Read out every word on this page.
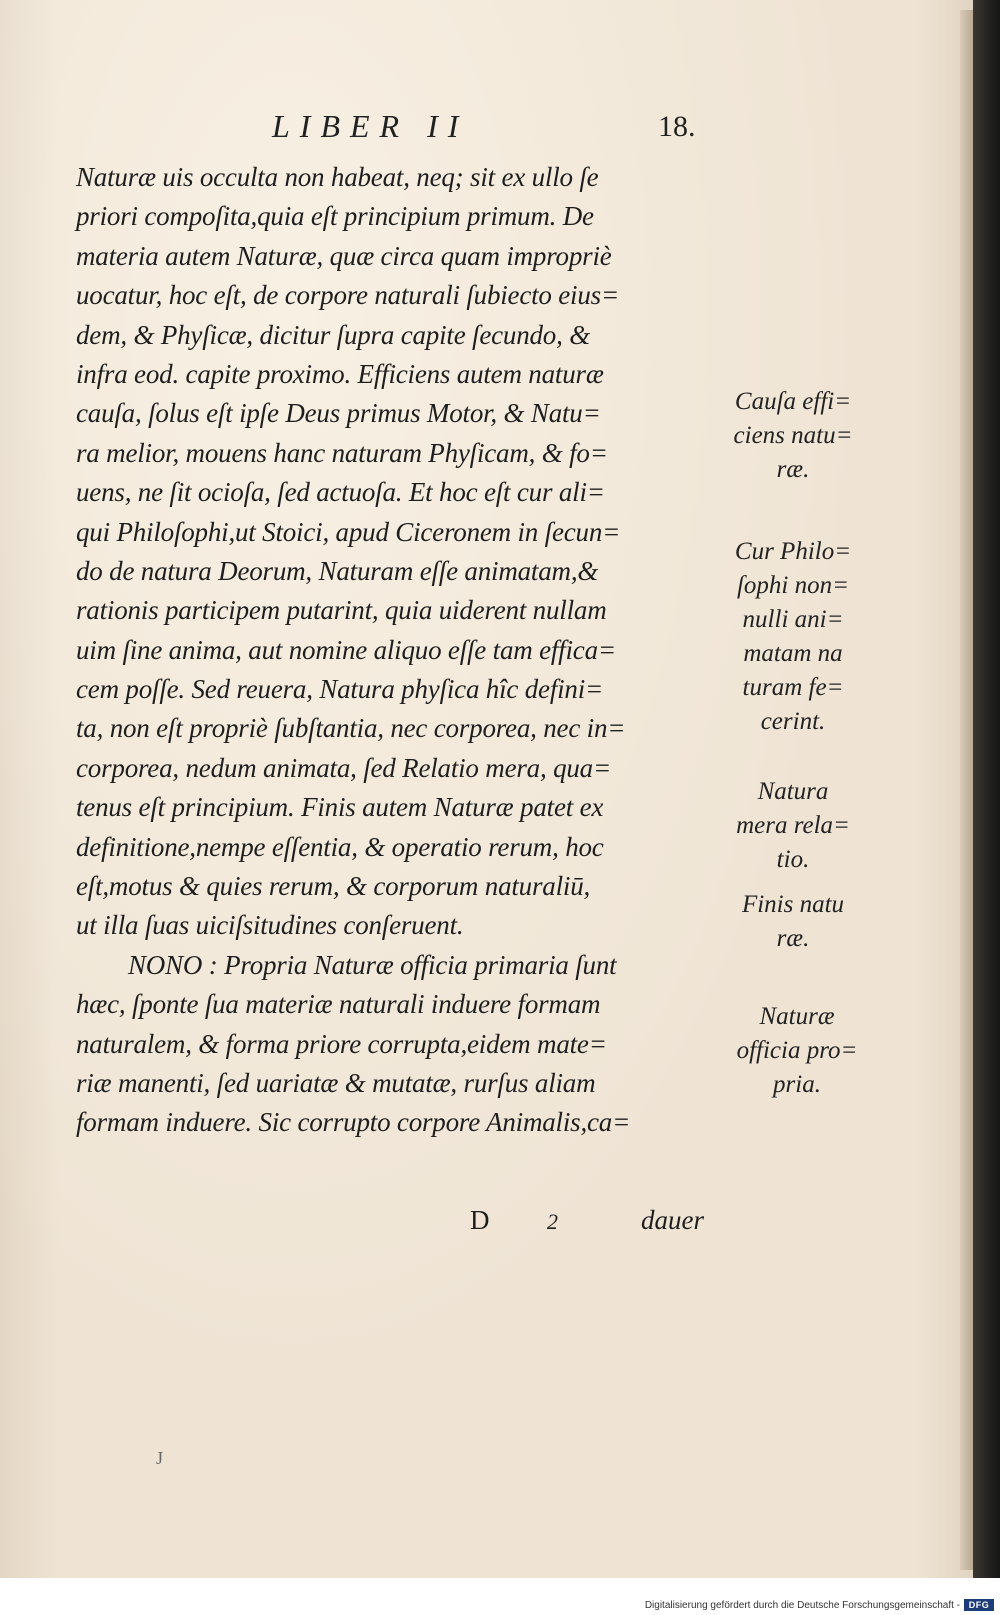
LIBER II	18.
Naturæ uis occulta non habeat, neq; sit ex ullo ſe
priori compoſita,quia eſt principium primum. De
materia autem Naturæ, quæ circa quam impropriè
uocatur, hoc eſt, de corpore naturali ſubiecto eius=
dem, & Phyſicæ, dicitur ſupra capite ſecundo, &
infra eod. capite proximo. Efficiens autem naturæ
cauſa, ſolus eſt ipſe Deus primus Motor, & Natu=
ra melior, mouens hanc naturam Phyſicam, & fo=
uens, ne ſit ocioſa, ſed actuoſa. Et hoc eſt cur ali=
qui Philoſophi,ut Stoici, apud Ciceronem in ſecun=
do de natura Deorum, Naturam eſſe animatam,&
rationis participem putarint, quia uiderent nullam
uim ſine anima, aut nomine aliquo eſſe tam effica=
cem poſſe. Sed reuera, Natura phyſica hîc defini=
ta, non eſt propriè ſubſtantia, nec corporea, nec in=
corporea, nedum animata, ſed Relatio mera, qua=
tenus eſt principium. Finis autem Naturæ patet ex
definitione,nempe eſſentia, & operatio rerum, hoc
eſt,motus & quies rerum, & corporum naturaliū,
ut illa ſuas uiciſsitudines conſeruent.
NONO : Propria Naturæ officia primaria ſunt
hæc, ſponte ſua materiæ naturali induere formam
naturalem, & forma priore corrupta,eidem mate=
riæ manenti, ſed uariatæ & mutatæ, rurſus aliam
formam induere. Sic corrupto corpore Animalis,ca=
D	2	dauer
Cauſa effi=
ciens natu=
ræ.
Cur Philo=
ſophi non=
nulli ani=
matam na
turam fe=
cerint.
Natura
mera rela=
tio.
Finis natu
ræ.
Naturæ
officia pro=
pria.
J
Digitalisierung gefördert durch die Deutsche Forschungsgemeinschaft - DFG
